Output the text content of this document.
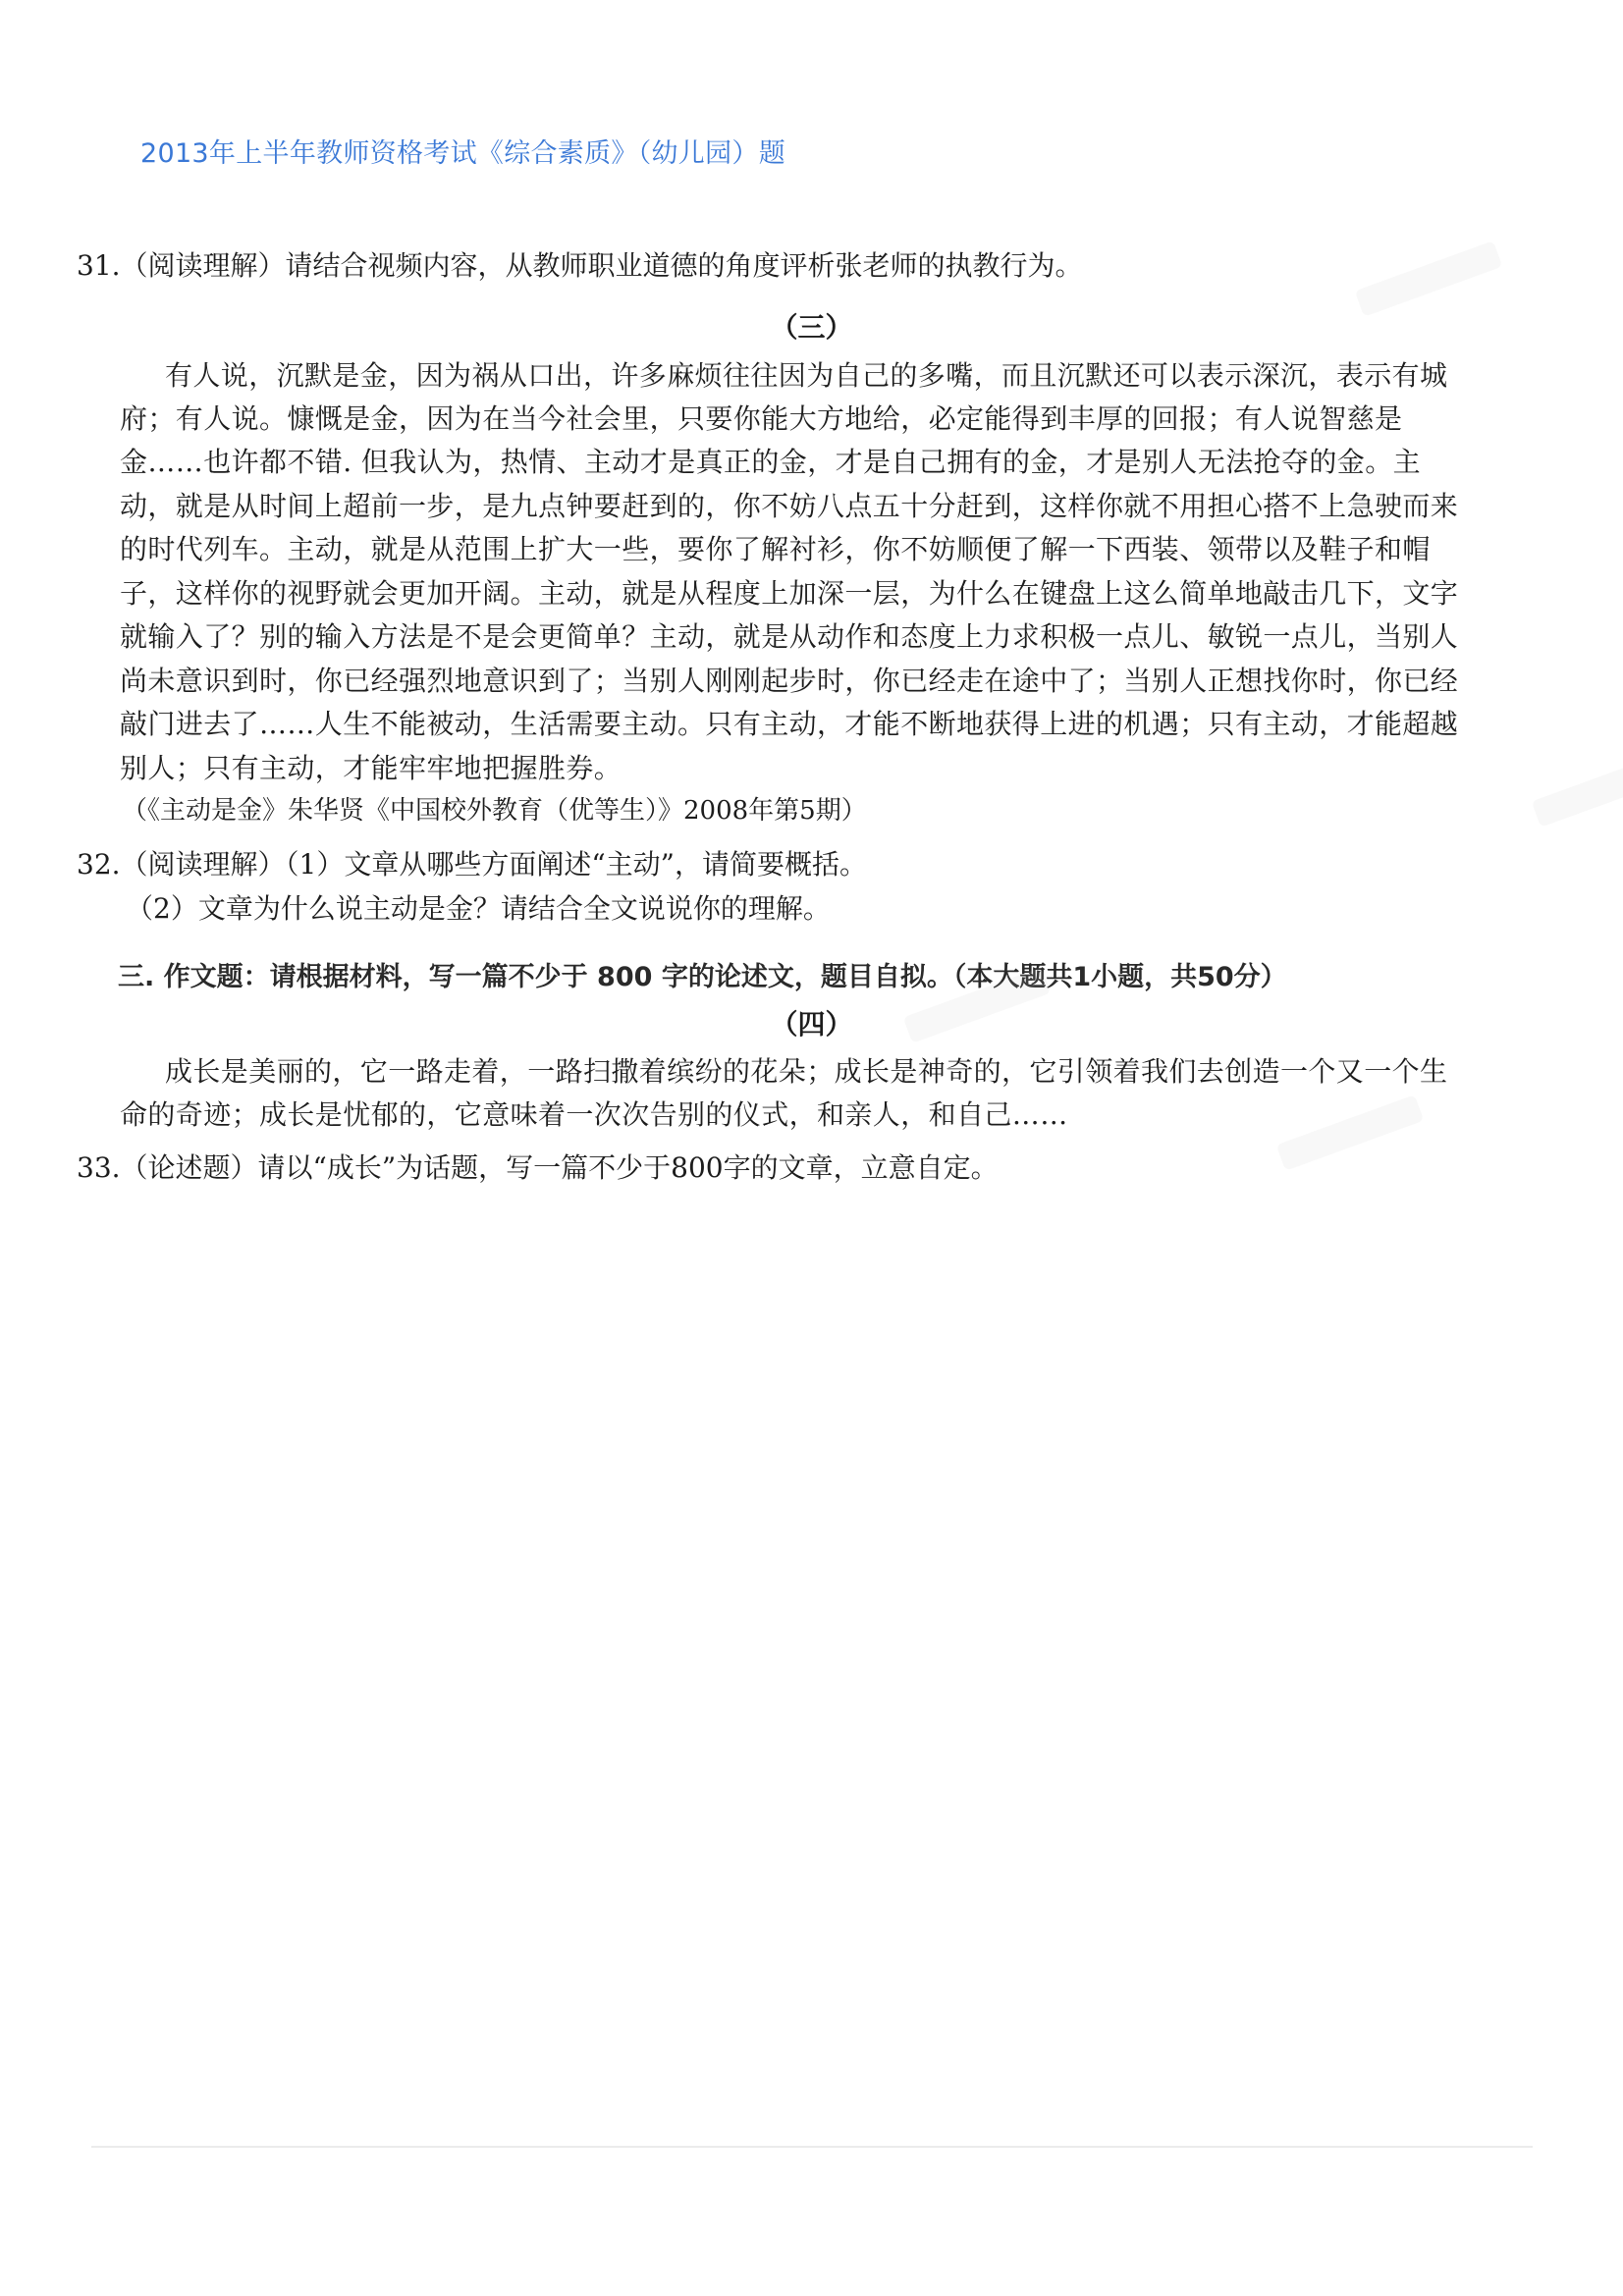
2013年上半年教师资格考试《综合素质》（幼儿园）题
31.（阅读理解）请结合视频内容，从教师职业道德的角度评析张老师的执教行为。
（三）
有人说，沉默是金，因为祸从口出，许多麻烦往往因为自己的多嘴，而且沉默还可以表示深沉，表示有城
府；有人说。慷慨是金，因为在当今社会里，只要你能大方地给，必定能得到丰厚的回报；有人说智慈是
金……也许都不错. 但我认为，热情、主动才是真正的金，才是自己拥有的金，才是别人无法抢夺的金。主
动，就是从时间上超前一步，是九点钟要赶到的，你不妨八点五十分赶到，这样你就不用担心搭不上急驶而来
的时代列车。主动，就是从范围上扩大一些，要你了解衬衫，你不妨顺便了解一下西装、领带以及鞋子和帽
子，这样你的视野就会更加开阔。主动，就是从程度上加深一层，为什么在键盘上这么简单地敲击几下，文字
就输入了？别的输入方法是不是会更简单？主动，就是从动作和态度上力求积极一点儿、敏锐一点儿，当别人
尚未意识到时，你已经强烈地意识到了；当别人刚刚起步时，你已经走在途中了；当别人正想找你时，你已经
敲门进去了……人生不能被动，生活需要主动。只有主动，才能不断地获得上进的机遇；只有主动，才能超越
别人；只有主动，才能牢牢地把握胜券。
（《主动是金》朱华贤《中国校外教育（优等生）》2008年第5期）
32.（阅读理解）（1）文章从哪些方面阐述“主动”，请简要概括。
（2）文章为什么说主动是金？请结合全文说说你的理解。
三. 作文题：请根据材料，写一篇不少于 800 字的论述文，题目自拟。（本大题共1小题，共50分）
（四）
成长是美丽的，它一路走着，一路扫撒着缤纷的花朵；成长是神奇的，它引领着我们去创造一个又一个生
命的奇迹；成长是忧郁的，它意味着一次次告别的仪式，和亲人，和自己……
33.（论述题）请以“成长”为话题，写一篇不少于800字的文章，立意自定。
